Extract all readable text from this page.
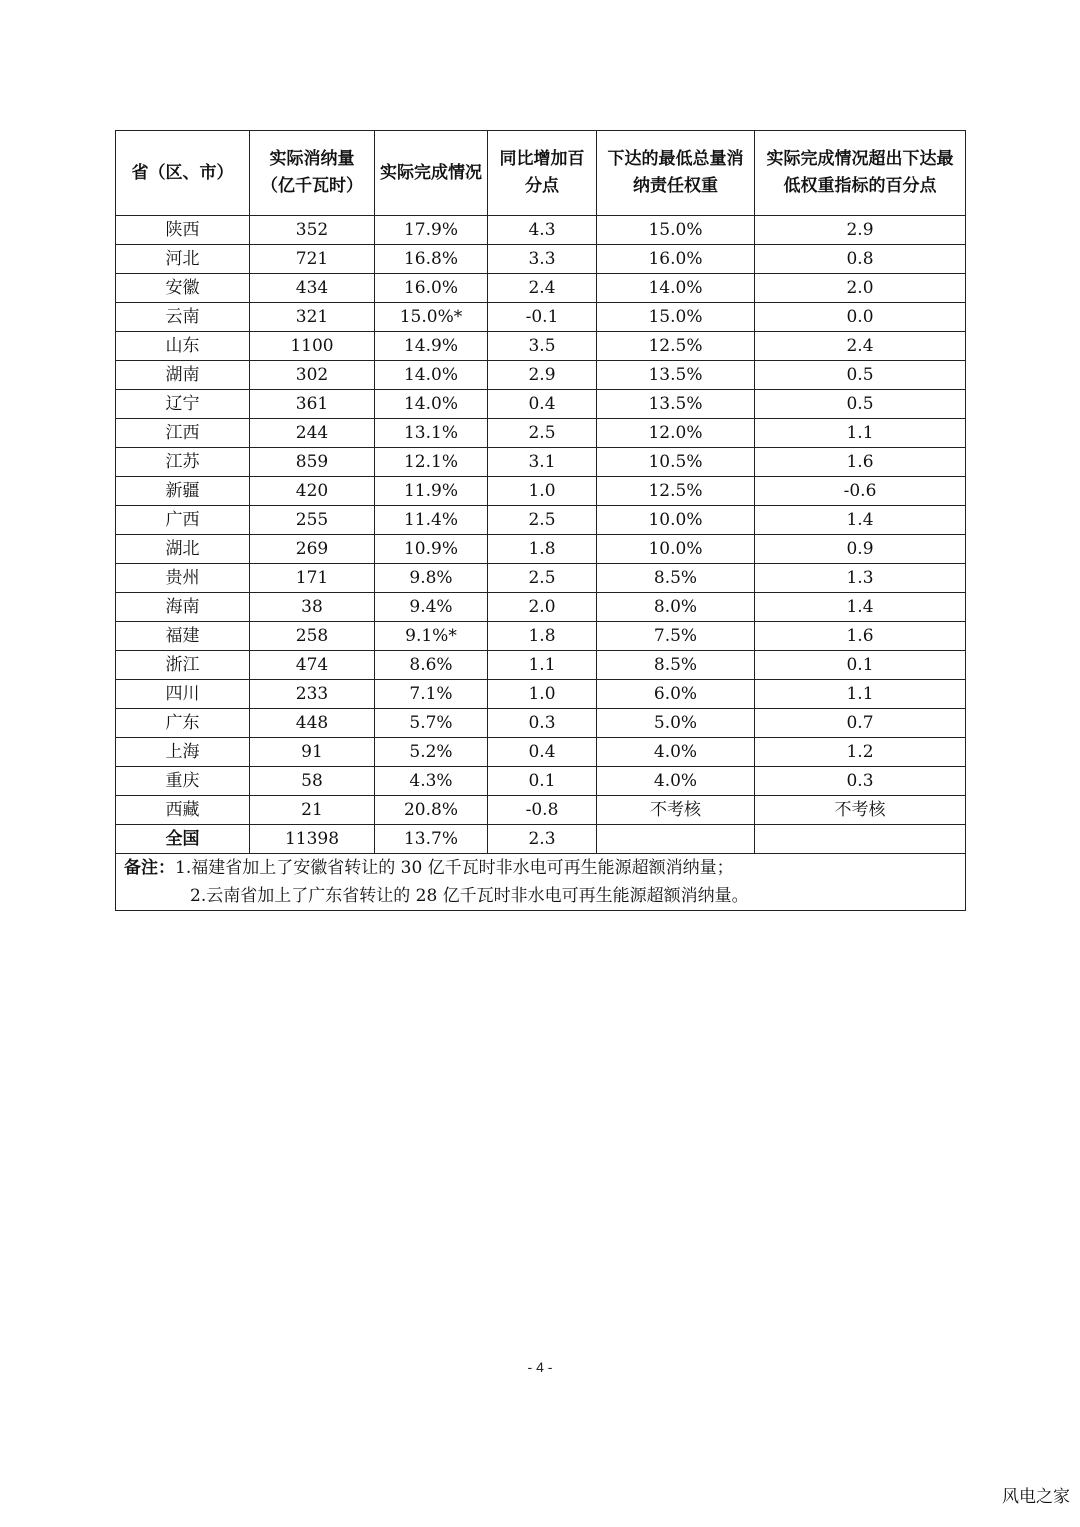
省（区、市）	实际消纳量（亿千瓦时）	实际完成情况	同比增加百分点	下达的最低总量消纳责任权重	实际完成情况超出下达最低权重指标的百分点
陕西	352	17.9%	4.3	15.0%	2.9
河北	721	16.8%	3.3	16.0%	0.8
安徽	434	16.0%	2.4	14.0%	2.0
云南	321	15.0%*	-0.1	15.0%	0.0
山东	1100	14.9%	3.5	12.5%	2.4
湖南	302	14.0%	2.9	13.5%	0.5
辽宁	361	14.0%	0.4	13.5%	0.5
江西	244	13.1%	2.5	12.0%	1.1
江苏	859	12.1%	3.1	10.5%	1.6
新疆	420	11.9%	1.0	12.5%	-0.6
广西	255	11.4%	2.5	10.0%	1.4
湖北	269	10.9%	1.8	10.0%	0.9
贵州	171	9.8%	2.5	8.5%	1.3
海南	38	9.4%	2.0	8.0%	1.4
福建	258	9.1%*	1.8	7.5%	1.6
浙江	474	8.6%	1.1	8.5%	0.1
四川	233	7.1%	1.0	6.0%	1.1
广东	448	5.7%	0.3	5.0%	0.7
上海	91	5.2%	0.4	4.0%	1.2
重庆	58	4.3%	0.1	4.0%	0.3
西藏	21	20.8%	-0.8	不考核	不考核
全国	11398	13.7%	2.3		

备注：1.福建省加上了安徽省转让的 30 亿千瓦时非水电可再生能源超额消纳量；
2.云南省加上了广东省转让的 28 亿千瓦时非水电可再生能源超额消纳量。					
- 4 -
风电之家
